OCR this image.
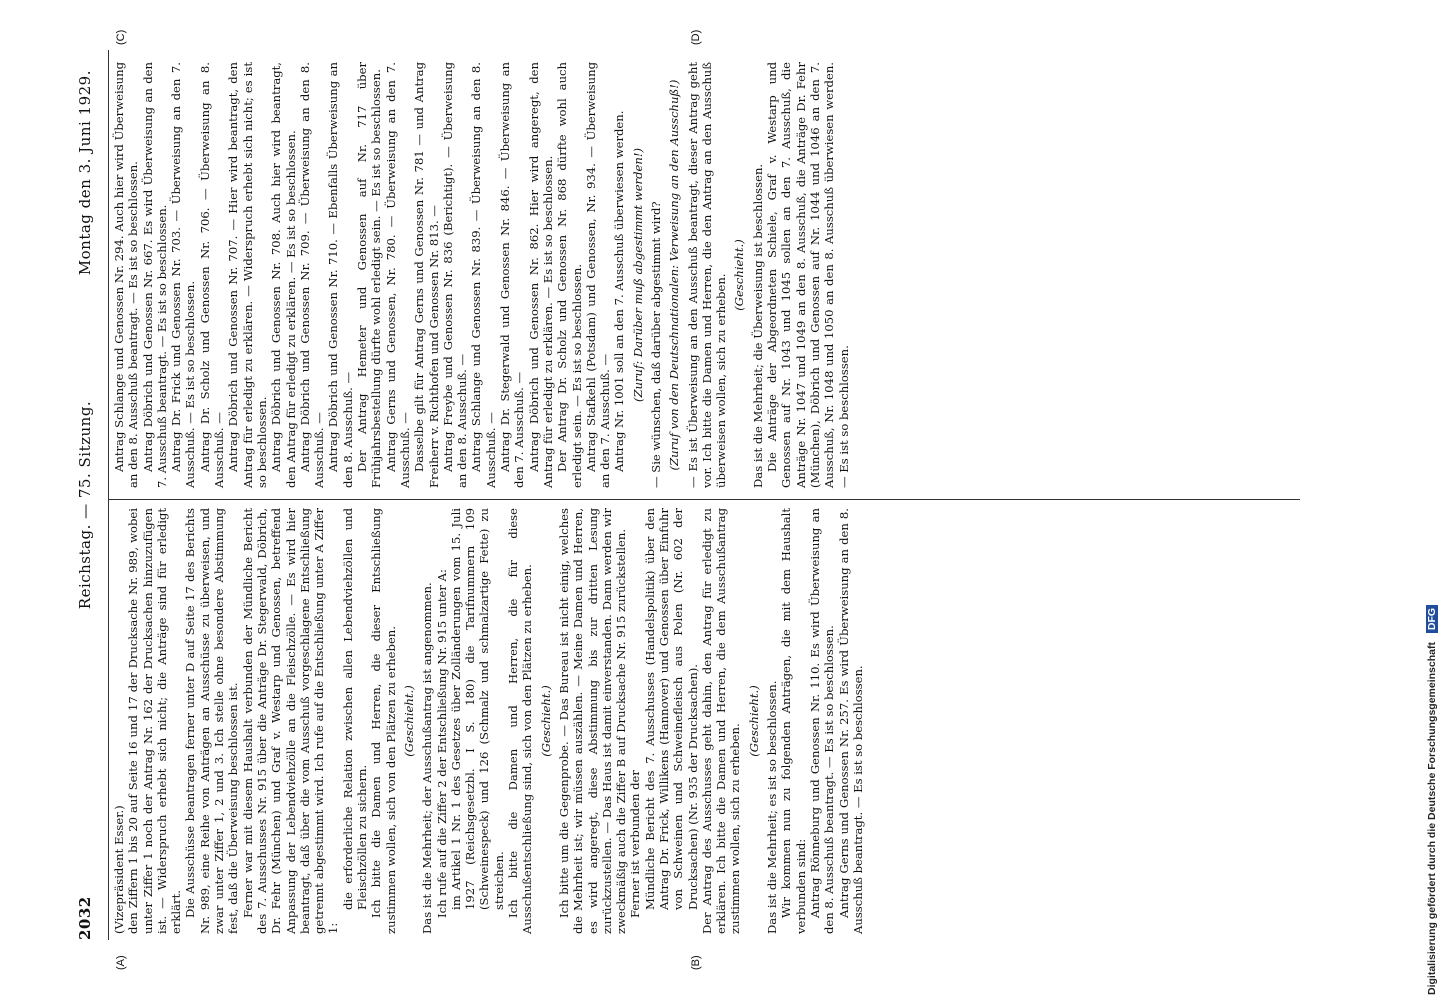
2032
Reichstag. — 75. Sitzung.
Montag den 3. Juni 1929.
(A)	(B)
(C)	(D)

(Vizepräsident Esser.) den Ziffern 1 bis 20 auf Seite 16 und 17 der Drucksache Nr. 989, wobei unter Ziffer 1 noch der Antrag Nr. 162 der Drucksachen hinzuzufügen ist. — Widerspruch erhebt sich nicht; die Anträge sind für erledigt erklärt. Die Ausschüsse beantragen ferner unter D auf Seite 17 des Berichts Nr. 989, eine Reihe von Anträgen an Ausschüsse zu überweisen, und zwar unter Ziffer 1, 2 und 3. Ich stelle ohne besondere Abstimmung fest, daß die Überweisung beschlossen ist. Ferner war mit diesem Haushalt verbunden der Mündliche Bericht des 7. Ausschusses Nr. 915 über die Anträge Dr. Stegerwald, Döbrich, Dr. Fehr (München) und Graf v. Westarp und Genossen, betreffend Anpassung der Lebendviehzölle an die Fleischzölle. — Es wird hier beantragt, daß über die vom Ausschuß vorgeschlagene Entschließung getrennt abgestimmt wird. Ich rufe auf die Entschließung unter A Ziffer 1:

die erforderliche Relation zwischen allen Lebendviehzöllen und Fleischzöllen zu sichern. Ich bitte die Damen und Herren, die dieser Entschließung zustimmen wollen, sich von den Plätzen zu erheben. (Geschieht.) Das ist die Mehrheit; der Ausschußantrag ist angenommen. Ich rufe auf die Ziffer 2 der Entschließung Nr. 915 unter A: im Artikel 1 Nr. 1 des Gesetzes über Zolländerungen vom 15. Juli 1927 (Reichsgesetzbl. I S. 180) die Tarifnummern 109 (Schweinespeck) und 126 (Schmalz und schmalzartige Fette) zu streichen. Ich bitte die Damen und Herren, die für diese Ausschußentschließung sind, sich von den Plätzen zu erheben. (Geschieht.) Ich bitte um die Gegenprobe. — Das Bureau ist nicht einig, welches die Mehrheit ist; wir müssen auszählen. — Meine Damen und Herren, es wird angeregt, diese Abstimmung bis zur dritten Lesung zurückzustellen. — Das Haus ist damit einverstanden. Dann werden wir zweckmäßig auch die Ziffer B auf Drucksache Nr. 915 zurückstellen. Ferner ist verbunden der Mündliche Bericht des 7. Ausschusses (Handelspolitik) über den Antrag Dr. Frick, Willikens (Hannover) und Genossen über Einfuhr von Schweinen und Schweinefleisch aus Polen (Nr. 602 der Drucksachen) (Nr. 935 der Drucksachen). Der Antrag des Ausschusses geht dahin, den Antrag für erledigt zu erklären. Ich bitte die Damen und Herren, die dem Ausschußantrag zustimmen wollen, sich zu erheben.

(Geschieht.) Das ist die Mehrheit; es ist so beschlossen. Wir kommen nun zu folgenden Anträgen, die mit dem Haushalt verbunden sind: Antrag Rönneburg und Genossen Nr. 110. Es wird Überweisung an den 8. Ausschuß beantragt. — Es ist so beschlossen. Antrag Gerns und Genossen Nr. 257. Es wird Überweisung an den 8. Ausschuß beantragt. — Es ist so beschlossen.

Antrag Schlange und Genossen Nr. 294. Auch hier wird Überweisung an den 8. Ausschuß beantragt. — Es ist so beschlossen. Antrag Döbrich und Genossen Nr. 667. Es wird Überweisung an den 7. Ausschuß beantragt. — Es ist so beschlossen. Antrag Dr. Frick und Genossen Nr. 703. — Überweisung an den 7. Ausschuß. — Es ist so beschlossen. Antrag Dr. Scholz und Genossen Nr. 706. — Überweisung an 8. Ausschuß. — Antrag Döbrich und Genossen Nr. 707. — Hier wird beantragt, den Antrag für erledigt zu erklären. — Widerspruch erhebt sich nicht; es ist so beschlossen. Antrag Döbrich und Genossen Nr. 708. Auch hier wird beantragt, den Antrag für erledigt zu erklären. — Es ist so beschlossen. Antrag Döbrich und Genossen Nr. 709. — Überweisung an den 8. Ausschuß. — Antrag Döbrich und Genossen Nr. 710. — Ebenfalls Überweisung an den 8. Ausschuß. — Der Antrag Hemeter und Genossen auf Nr. 717 über Frühjahrsbestellung dürfte wohl erledigt sein. — Es ist so beschlossen. Antrag Gerns und Genossen, Nr. 780. — Überweisung an den 7. Ausschuß. — Dasselbe gilt für Antrag Gerns und Genossen Nr. 781 — und Antrag Freiherr v. Richthofen und Genossen Nr. 813. — Antrag Freybe und Genossen Nr. 836 (Berichtigt). — Überweisung an den 8. Ausschuß. — Antrag Schlange und Genossen Nr. 839. — Überweisung an den 8. Ausschuß. — Antrag Dr. Stegerwald und Genossen Nr. 846. — Überweisung an den 7. Ausschuß. — Antrag Döbrich und Genossen Nr. 862. Hier wird angeregt, den Antrag für erledigt zu erklären. — Es ist so beschlossen. Der Antrag Dr. Scholz und Genossen Nr. 868 dürfte wohl auch erledigt sein. — Es ist so beschlossen. Antrag Stafkehl (Potsdam) und Genossen, Nr. 934. — Überweisung an den 7. Ausschuß. — Antrag Nr. 1001 soll an den 7. Ausschuß überwiesen werden. (Zuruf: Darüber muß abgestimmt werden!) — Sie wünschen, daß darüber abgestimmt wird? (Zuruf von den Deutschnationalen: Verweisung an den Ausschuß!) — Es ist Überweisung an den Ausschuß beantragt, dieser Antrag geht vor. Ich bitte die Damen und Herren, die den Antrag an den Ausschuß überweisen wollen, sich zu erheben. (Geschieht.) Das ist die Mehrheit; die Überweisung ist beschlossen. Die Anträge der Abgeordneten Schiele, Graf v. Westarp und Genossen auf Nr. 1043 und 1045 sollen an den 7. Ausschuß, die Anträge Nr. 1047 und 1049 an den 8. Ausschuß, die Anträge Dr. Fehr (München), Döbrich und Genossen auf Nr. 1044 und 1046 an den 7. Ausschuß, Nr. 1048 und 1050 an den 8. Ausschuß überwiesen werden. — Es ist so beschlossen.

Digitalisierung gefördert durch die Deutsche Forschungsgemeinschaft DFG
